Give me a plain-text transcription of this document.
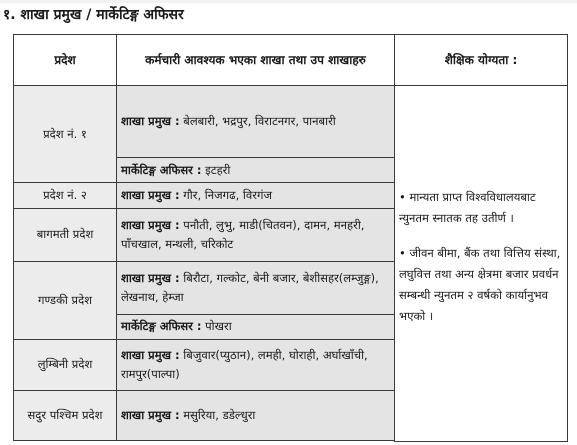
१. शाखा प्रमुख / मार्केटिङ्ग अफिसर
प्रदेश	कर्मचारी आवश्यक भएका शाखा तथा उप शाखाहरु	शैक्षिक योग्यता :
प्रदेश नं. १	शाखा प्रमुख : बेलबारी, भद्रपुर, विराटनगर, पानबारी	• मान्यता प्राप्त विश्वविधालयबाट न्युनतम स्नातक तह उतीर्ण ।
• जीवन बीमा, बैंक तथा वित्तिय संस्था, लघुवित्त तथा अन्य क्षेत्रमा बजार प्रवर्धन सम्बन्धी न्युनतम २ वर्षको कार्यानुभव भएको ।

	मार्केटिङ्ग अफिसर : इटहरी	
प्रदेश नं. २	शाखा प्रमुख : गौर, निजगढ, विरगंज	
बागमती प्रदेश	शाखा प्रमुख : पनौती, लुभु, माडी(चितवन), दामन, मनहरी, पाँचखाल, मन्थली, चरिकोट	
गण्डकी प्रदेश	शाखा प्रमुख : बिरौटा, गल्कोट, बेनी बजार, बेशीसहर(लम्जुङ्ग), लेखनाथ, हेम्जा	
	मार्केटिङ्ग अफिसर : पोखरा	
लुम्बिनी प्रदेश	शाखा प्रमुख : बिजुवार(प्युठान), लमही, घोराही, अर्घाखाँची, रामपुर(पाल्पा)	
सदुर पश्चिम प्रदेश	शाखा प्रमुख : मसुरिया, डडेल्धुरा	
